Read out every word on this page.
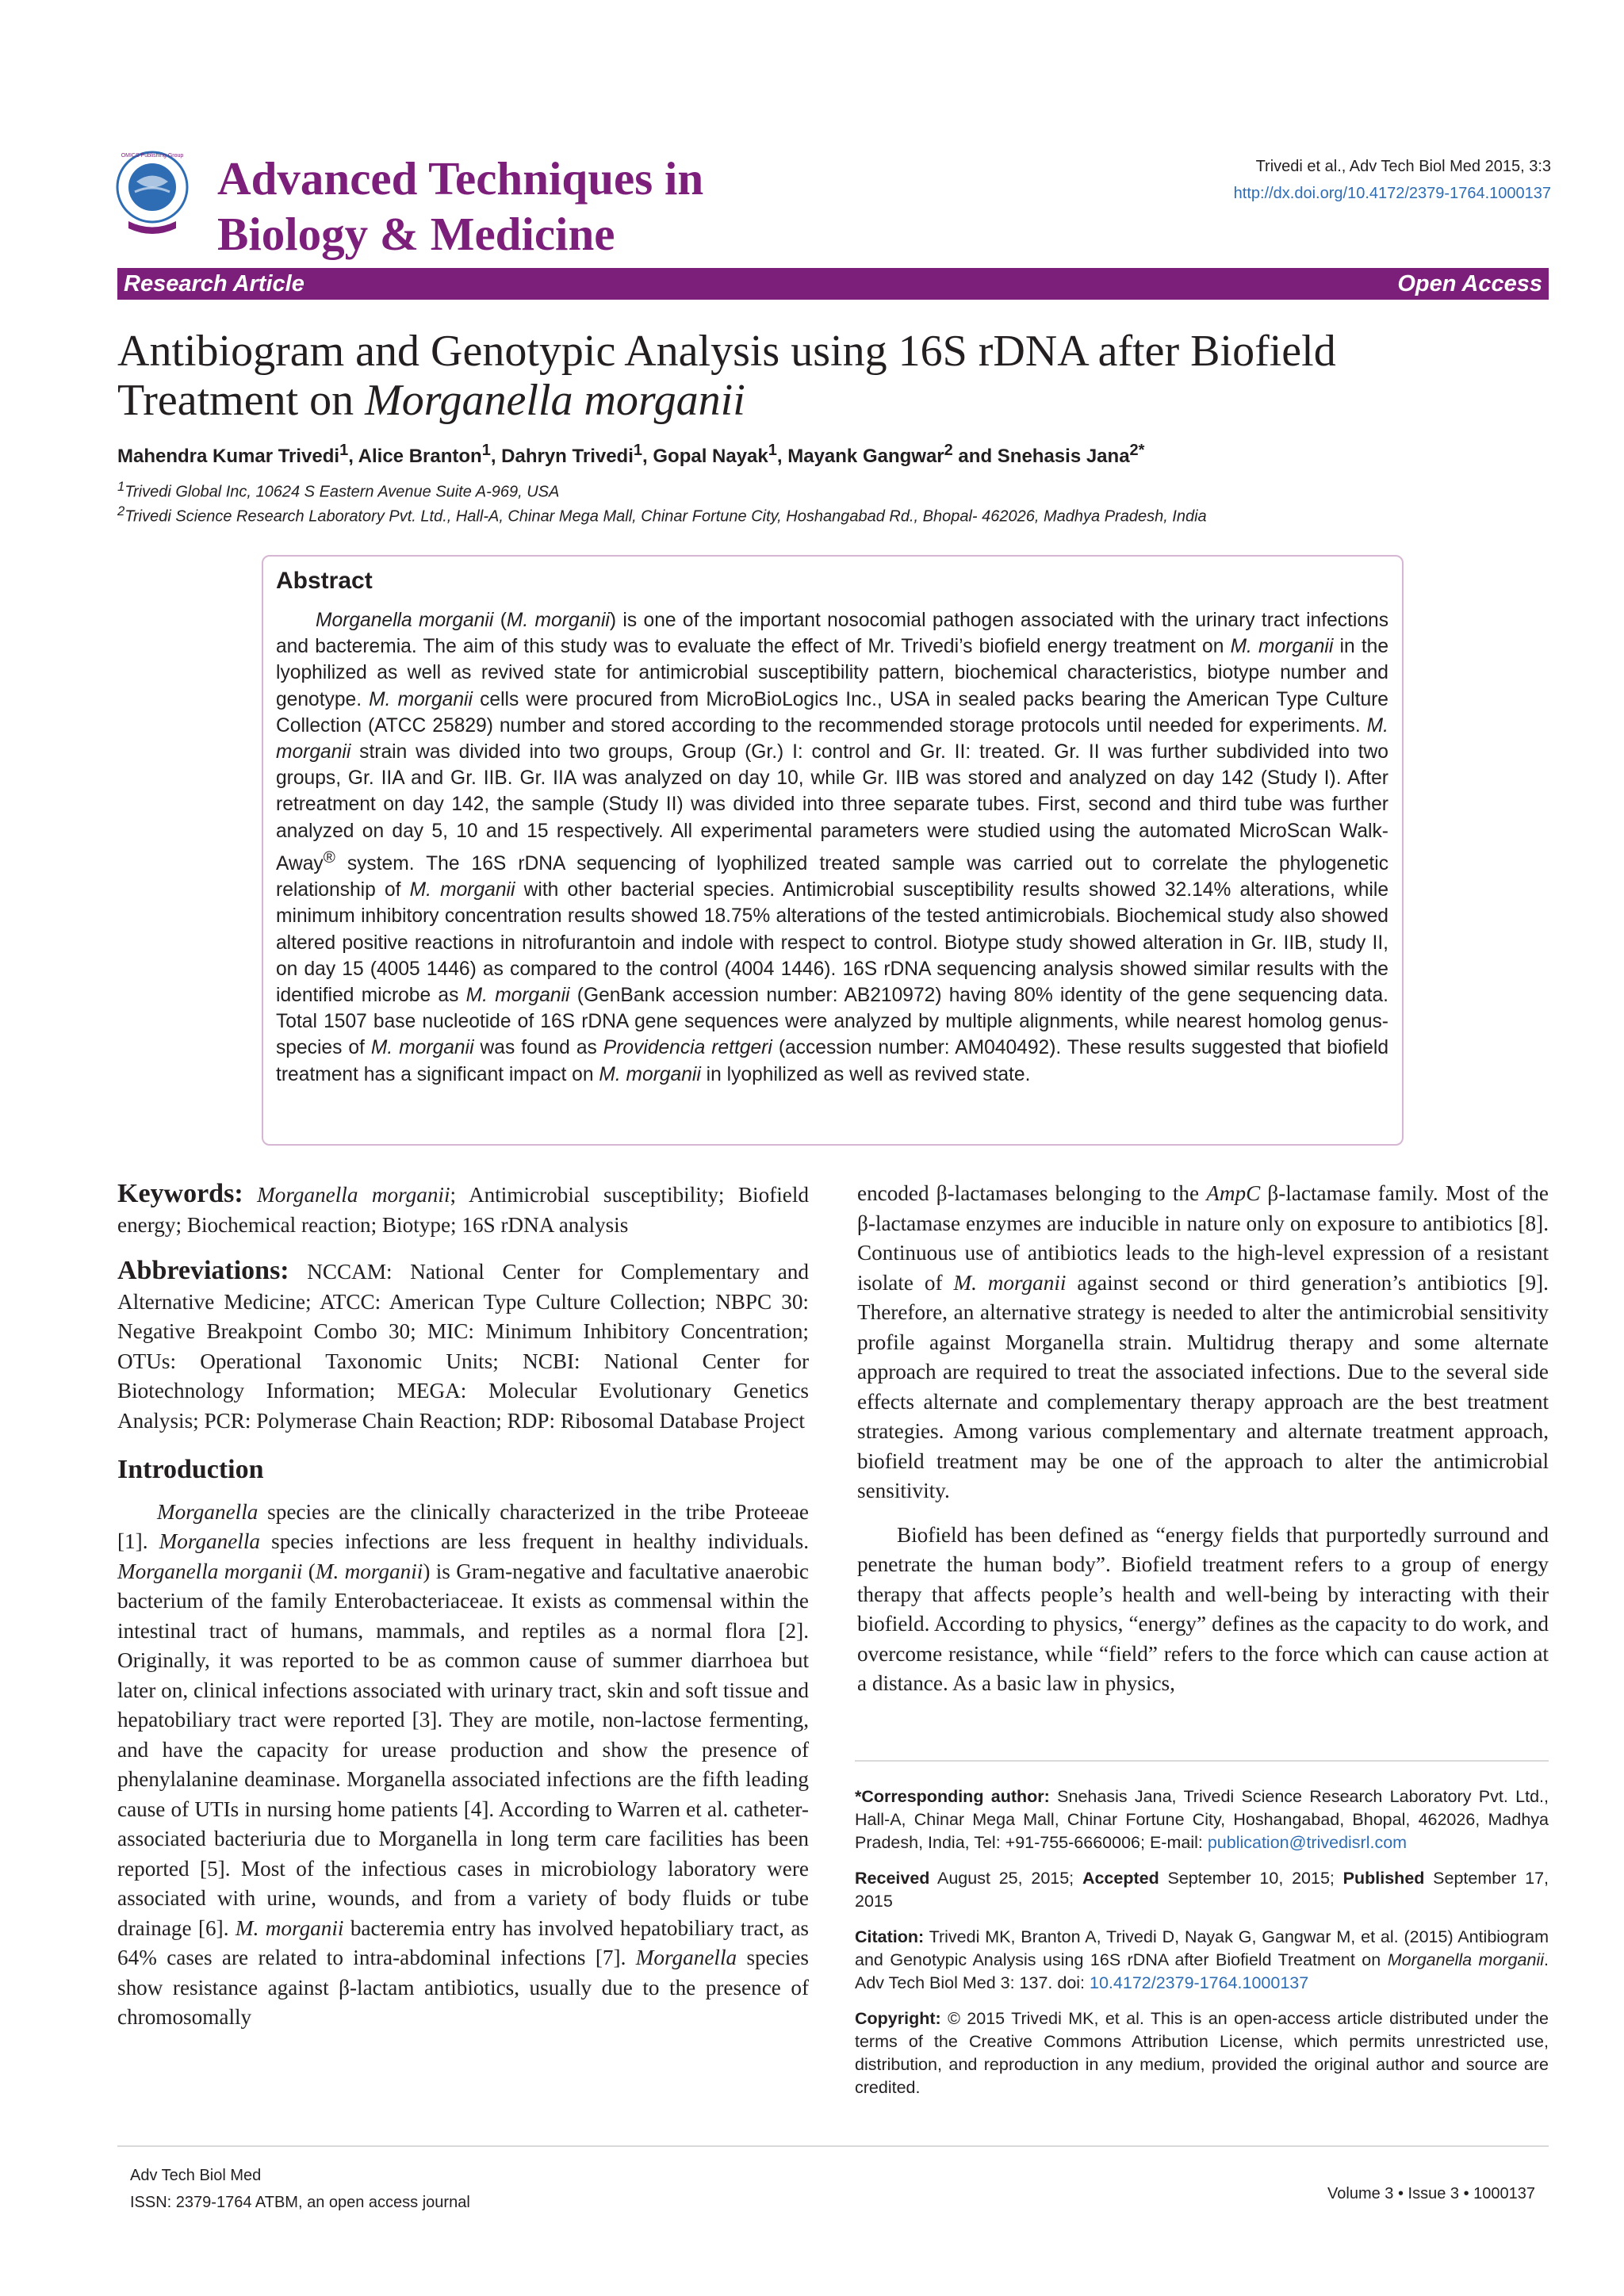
OMICS Publishing Group Advanced Techniques in
Biology & Medicine
Trivedi et al., Adv Tech Biol Med 2015, 3:3
http://dx.doi.org/10.4172/2379-1764.1000137
Research Article	Open Access
Antibiogram and Genotypic Analysis using 16S rDNA after Biofield
Treatment on Morganella morganii
Mahendra Kumar Trivedi$^1$, Alice Branton$^1$, Dahryn Trivedi$^1$, Gopal Nayak$^1$, Mayank Gangwar$^2$ and Snehasis Jana$^{2*}$
$^1$Trivedi Global Inc, 10624 S Eastern Avenue Suite A-969, USA
$^2$Trivedi Science Research Laboratory Pvt. Ltd., Hall-A, Chinar Mega Mall, Chinar Fortune City, Hoshangabad Rd., Bhopal- 462026, Madhya Pradesh, India
Abstract
Morganella morganii (M. morganii) is one of the important nosocomial pathogen associated with the urinary tract infections and bacteremia. The aim of this study was to evaluate the effect of Mr. Trivedi’s biofield energy treatment on M. morganii in the lyophilized as well as revived state for antimicrobial susceptibility pattern, biochemical characteristics, biotype number and genotype. M. morganii cells were procured from MicroBioLogics Inc., USA in sealed packs bearing the American Type Culture Collection (ATCC 25829) number and stored according to the recommended storage protocols until needed for experiments. M. morganii strain was divided into two groups, Group (Gr.) I: control and Gr. II: treated. Gr. II was further subdivided into two groups, Gr. IIA and Gr. IIB. Gr. IIA was analyzed on day 10, while Gr. IIB was stored and analyzed on day 142 (Study I). After retreatment on day 142, the sample (Study II) was divided into three separate tubes. First, second and third tube was further analyzed on day 5, 10 and 15 respectively. All experimental parameters were studied using the automated MicroScan Walk-Away® system. The 16S rDNA sequencing of lyophilized treated sample was carried out to correlate the phylogenetic relationship of M. morganii with other bacterial species. Antimicrobial susceptibility results showed 32.14% alterations, while minimum inhibitory concentration results showed 18.75% alterations of the tested antimicrobials. Biochemical study also showed altered positive reactions in nitrofurantoin and indole with respect to control. Biotype study showed alteration in Gr. IIB, study II, on day 15 (4005 1446) as compared to the control (4004 1446). 16S rDNA sequencing analysis showed similar results with the identified microbe as M. morganii (GenBank accession number: AB210972) having 80% identity of the gene sequencing data. Total 1507 base nucleotide of 16S rDNA gene sequences were analyzed by multiple alignments, while nearest homolog genus-species of M. morganii was found as Providencia rettgeri (accession number: AM040492). These results suggested that biofield treatment has a significant impact on M. morganii in lyophilized as well as revived state.

Keywords: Morganella morganii; Antimicrobial susceptibility; Biofield energy; Biochemical reaction; Biotype; 16S rDNA analysis

Abbreviations: NCCAM: National Center for Complementary and Alternative Medicine; ATCC: American Type Culture Collection; NBPC 30: Negative Breakpoint Combo 30; MIC: Minimum Inhibitory Concentration; OTUs: Operational Taxonomic Units; NCBI: National Center for Biotechnology Information; MEGA: Molecular Evolutionary Genetics Analysis; PCR: Polymerase Chain Reaction; RDP: Ribosomal Database Project

Introduction

Morganella species are the clinically characterized in the tribe Proteeae [1]. Morganella species infections are less frequent in healthy individuals. Morganella morganii (M. morganii) is Gram-negative and facultative anaerobic bacterium of the family Enterobacteriaceae. It exists as commensal within the intestinal tract of humans, mammals, and reptiles as a normal flora [2]. Originally, it was reported to be as common cause of summer diarrhoea but later on, clinical infections associated with urinary tract, skin and soft tissue and hepatobiliary tract were reported [3]. They are motile, non-lactose fermenting, and have the capacity for urease production and show the presence of phenylalanine deaminase. Morganella associated infections are the fifth leading cause of UTIs in nursing home patients [4]. According to Warren et al. catheter-associated bacteriuria due to Morganella in long term care facilities has been reported [5]. Most of the infectious cases in microbiology laboratory were associated with urine, wounds, and from a variety of body fluids or tube drainage [6]. M. morganii bacteremia entry has involved hepatobiliary tract, as 64% cases are related to intra-abdominal infections [7]. Morganella species show resistance against β-lactam antibiotics, usually due to the presence of chromosomally

encoded β-lactamases belonging to the AmpC β-lactamase family. Most of the β-lactamase enzymes are inducible in nature only on exposure to antibiotics [8]. Continuous use of antibiotics leads to the high-level expression of a resistant isolate of M. morganii against second or third generation’s antibiotics [9]. Therefore, an alternative strategy is needed to alter the antimicrobial sensitivity profile against Morganella strain. Multidrug therapy and some alternate approach are required to treat the associated infections. Due to the several side effects alternate and complementary therapy approach are the best treatment strategies. Among various complementary and alternate treatment approach, biofield treatment may be one of the approach to alter the antimicrobial sensitivity.

Biofield has been defined as “energy fields that purportedly surround and penetrate the human body”. Biofield treatment refers to a group of energy therapy that affects people’s health and well-being by interacting with their biofield. According to physics, “energy” defines as the capacity to do work, and overcome resistance, while “field” refers to the force which can cause action at a distance. As a basic law in physics,

*Corresponding author: Snehasis Jana, Trivedi Science Research Laboratory Pvt. Ltd., Hall-A, Chinar Mega Mall, Chinar Fortune City, Hoshangabad, Bhopal, 462026, Madhya Pradesh, India, Tel: +91-755-6660006; E-mail: publication@trivedisrl.com

Received August 25, 2015; Accepted September 10, 2015; Published September 17, 2015

Citation: Trivedi MK, Branton A, Trivedi D, Nayak G, Gangwar M, et al. (2015) Antibiogram and Genotypic Analysis using 16S rDNA after Biofield Treatment on Morganella morganii. Adv Tech Biol Med 3: 137. doi: 10.4172/2379-1764.1000137

Copyright: © 2015 Trivedi MK, et al. This is an open-access article distributed under the terms of the Creative Commons Attribution License, which permits unrestricted use, distribution, and reproduction in any medium, provided the original author and source are credited.

Adv Tech Biol Med
ISSN: 2379-1764 ATBM, an open access journal	Volume 3 • Issue 3 • 1000137
